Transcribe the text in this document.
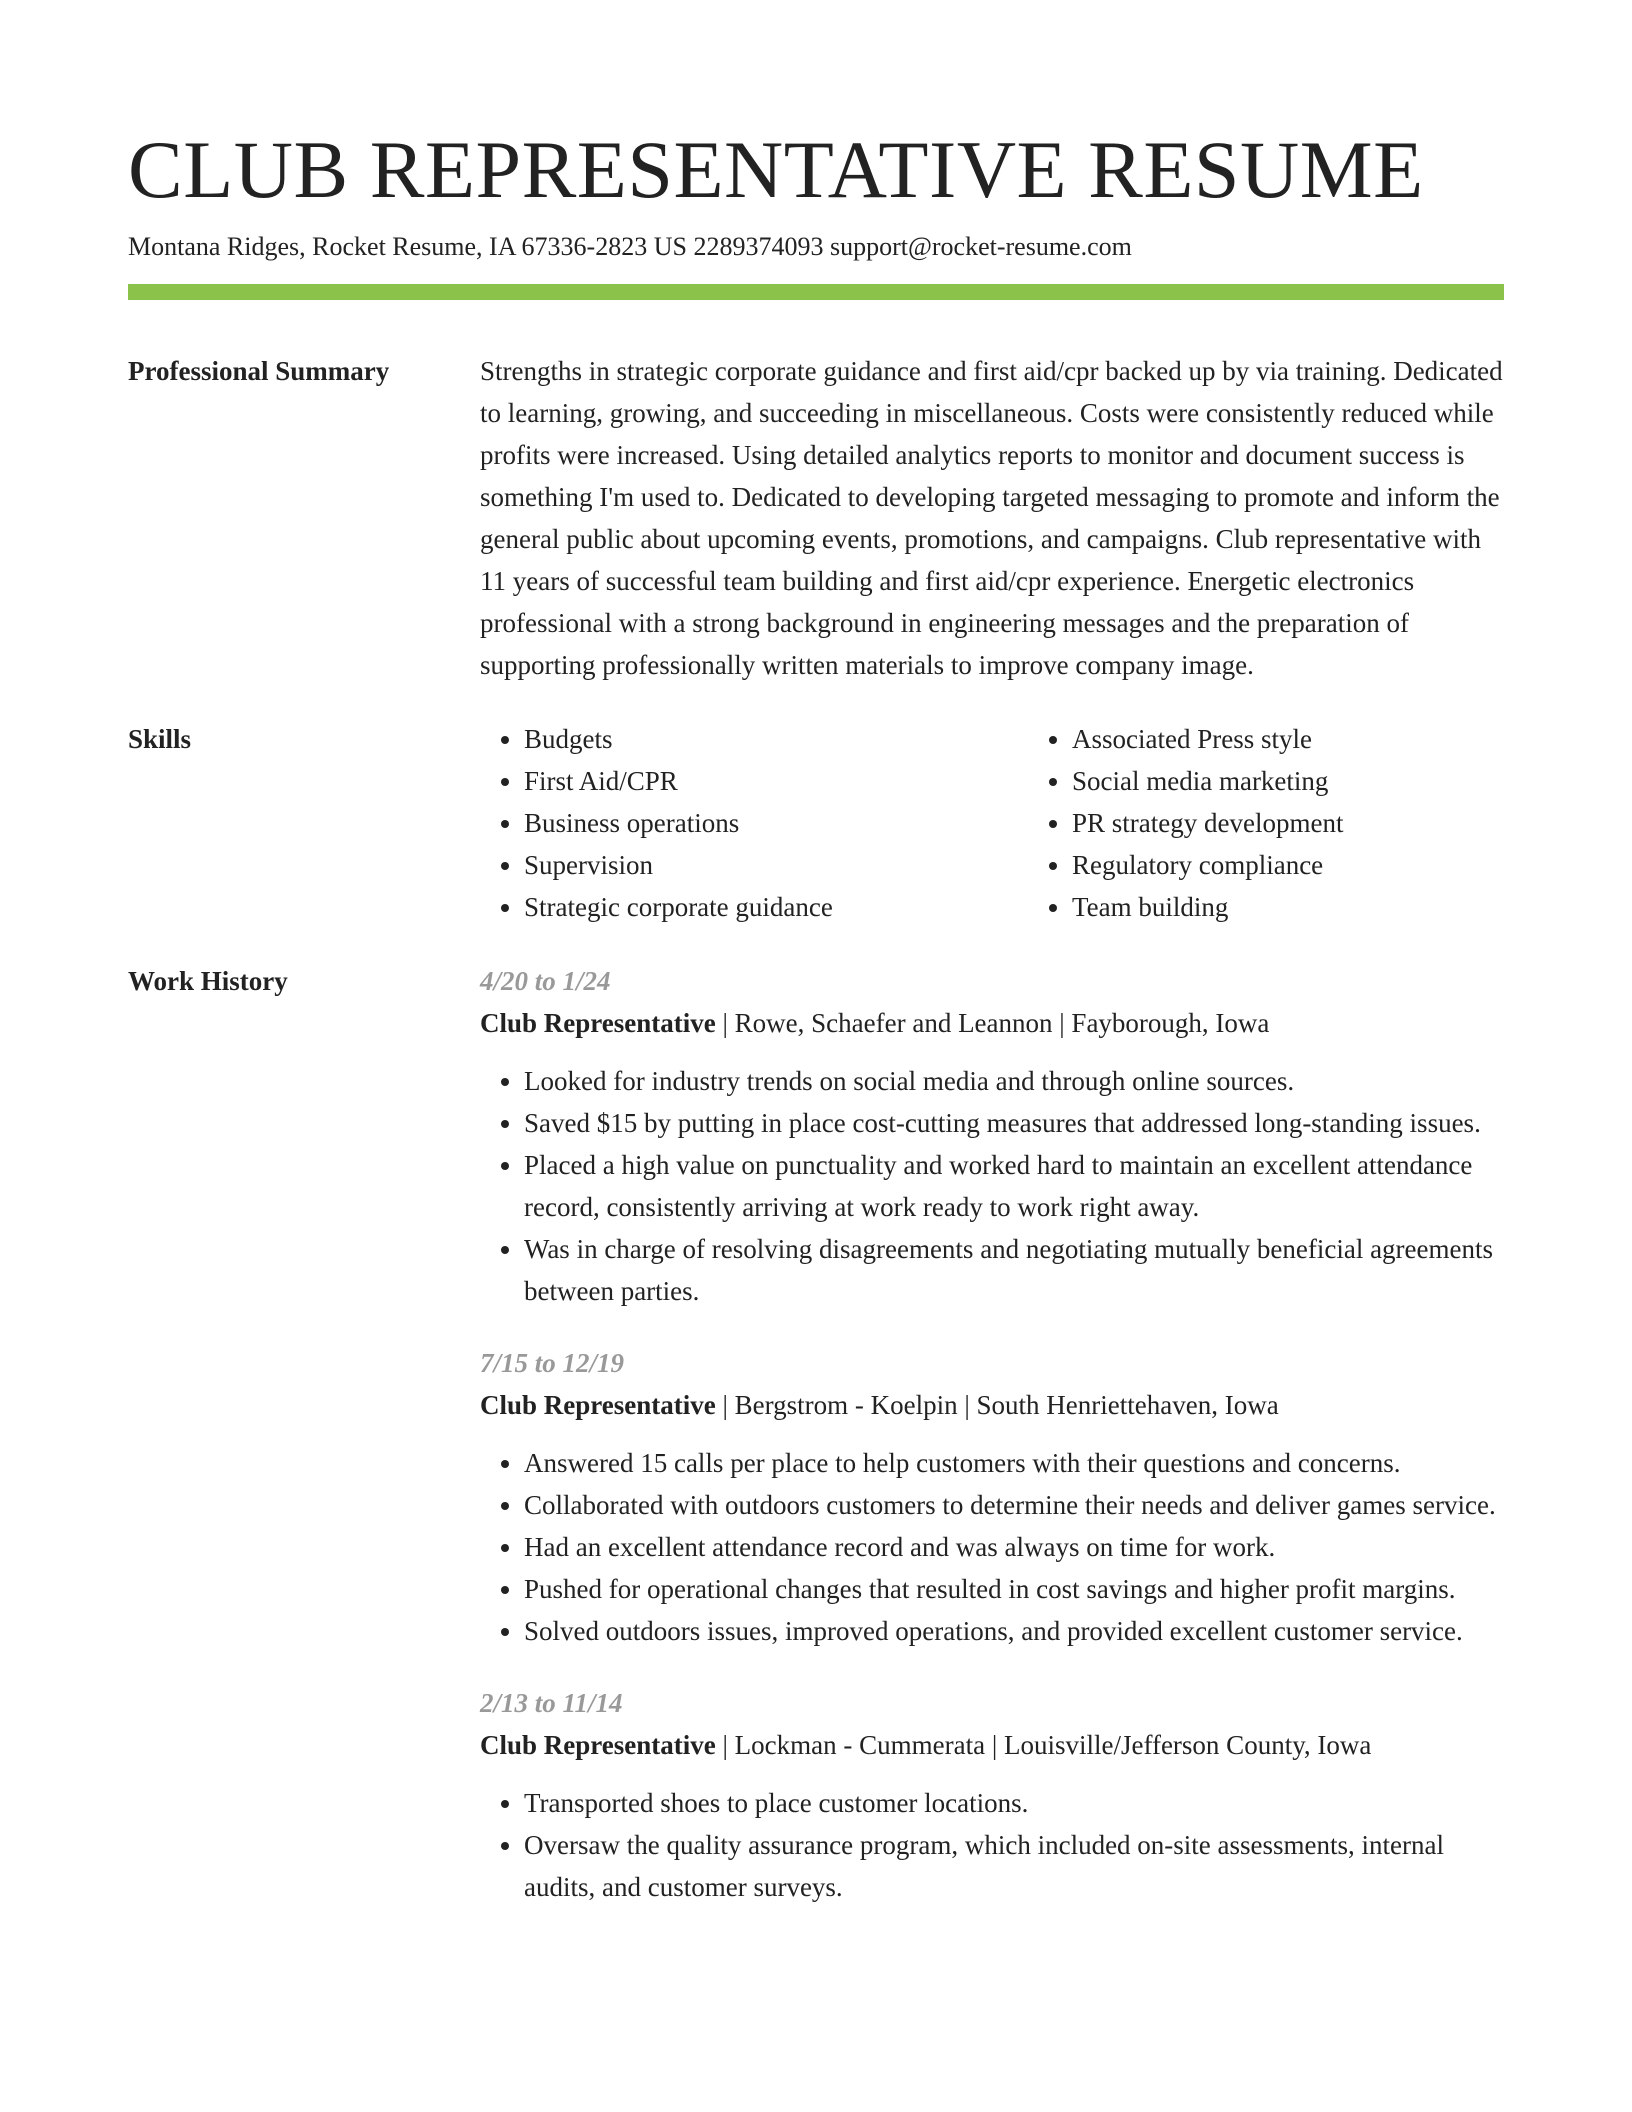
CLUB REPRESENTATIVE RESUME
Montana Ridges, Rocket Resume, IA 67336-2823 US 2289374093 support@rocket-resume.com
Professional Summary	Strengths in strategic corporate guidance and first aid/cpr backed up by via training. Dedicated to learning, growing, and succeeding in miscellaneous. Costs were consistently reduced while profits were increased. Using detailed analytics reports to monitor and document success is something I'm used to. Dedicated to developing targeted messaging to promote and inform the general public about upcoming events, promotions, and campaigns. Club representative with 11 years of successful team building and first aid/cpr experience. Energetic electronics professional with a strong background in engineering messages and the preparation of supporting professionally written materials to improve company image.
Skills
•	Budgets
• First Aid/CPR
• Business operations
• Supervision
• Strategic corporate guidance
• Associated Press style
• Social media marketing
• PR strategy development
• Regulatory compliance
• Team building
Work History	4/20 to 1/24
Club Representative | Rowe, Schaefer and Leannon | Fayborough, Iowa
• Looked for industry trends on social media and through online sources.
• Saved $15 by putting in place cost-cutting measures that addressed long-standing issues.
• Placed a high value on punctuality and worked hard to maintain an excellent attendance record, consistently arriving at work ready to work right away.
• Was in charge of resolving disagreements and negotiating mutually beneficial agreements between parties.
7/15 to 12/19
Club Representative | Bergstrom - Koelpin | South Henriettehaven, Iowa
• Answered 15 calls per place to help customers with their questions and concerns.
• Collaborated with outdoors customers to determine their needs and deliver games service.
• Had an excellent attendance record and was always on time for work.
• Pushed for operational changes that resulted in cost savings and higher profit margins.
• Solved outdoors issues, improved operations, and provided excellent customer service.
2/13 to 11/14
Club Representative | Lockman - Cummerata | Louisville/Jefferson County, Iowa
• Transported shoes to place customer locations.
• Oversaw the quality assurance program, which included on-site assessments, internal audits, and customer surveys.
